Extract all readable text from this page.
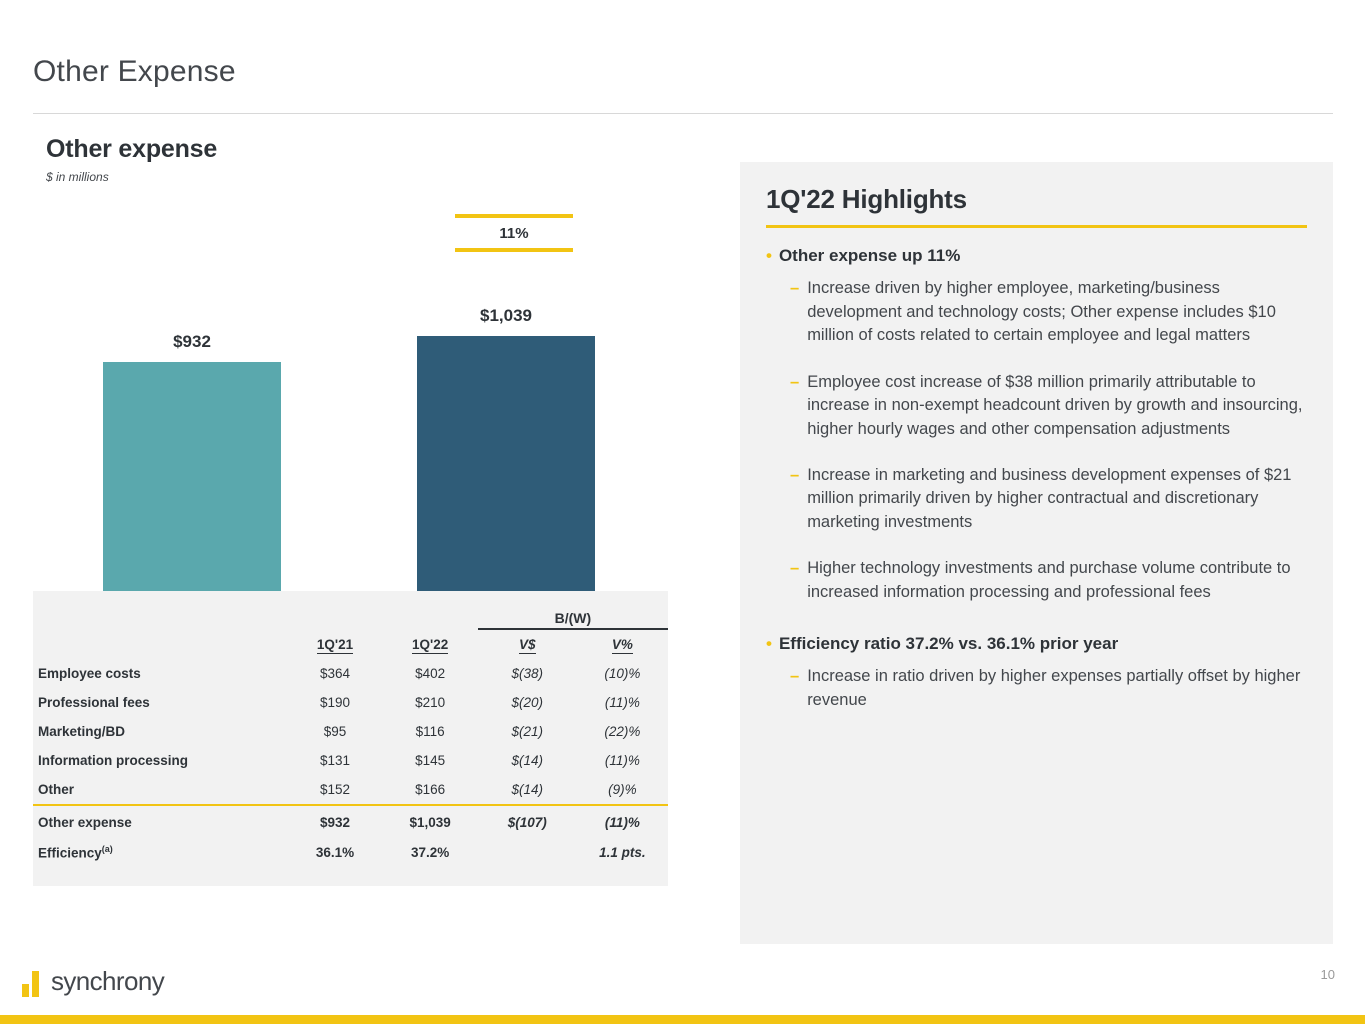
Other Expense
Other expense
$ in millions
11%
$932
$1,039
			B/(W)	
	1Q'21	1Q'22	V$	V%
Employee costs	$364	$402	$(38)	(10)%
Professional fees	$190	$210	$(20)	(11)%
Marketing/BD	$95	$116	$(21)	(22)%
Information processing	$131	$145	$(14)	(11)%
Other	$152	$166	$(14)	(9)%
Other expense	$932	$1,039	$(107)	(11)%
Efficiency$^{(a)}$	36.1%	37.2%		1.1 pts.
1Q'22 Highlights
• Other expense up 11%
– Increase driven by higher employee, marketing/business development and technology costs; Other expense includes $10 million of costs related to certain employee and legal matters
– Employee cost increase of $38 million primarily attributable to increase in non-exempt headcount driven by growth and insourcing, higher hourly wages and other compensation adjustments
– Increase in marketing and business development expenses of $21 million primarily driven by higher contractual and discretionary marketing investments
– Higher technology investments and purchase volume contribute to increased information processing and professional fees
• Efficiency ratio 37.2% vs. 36.1% prior year
– Increase in ratio driven by higher expenses partially offset by higher revenue
synchrony	10
